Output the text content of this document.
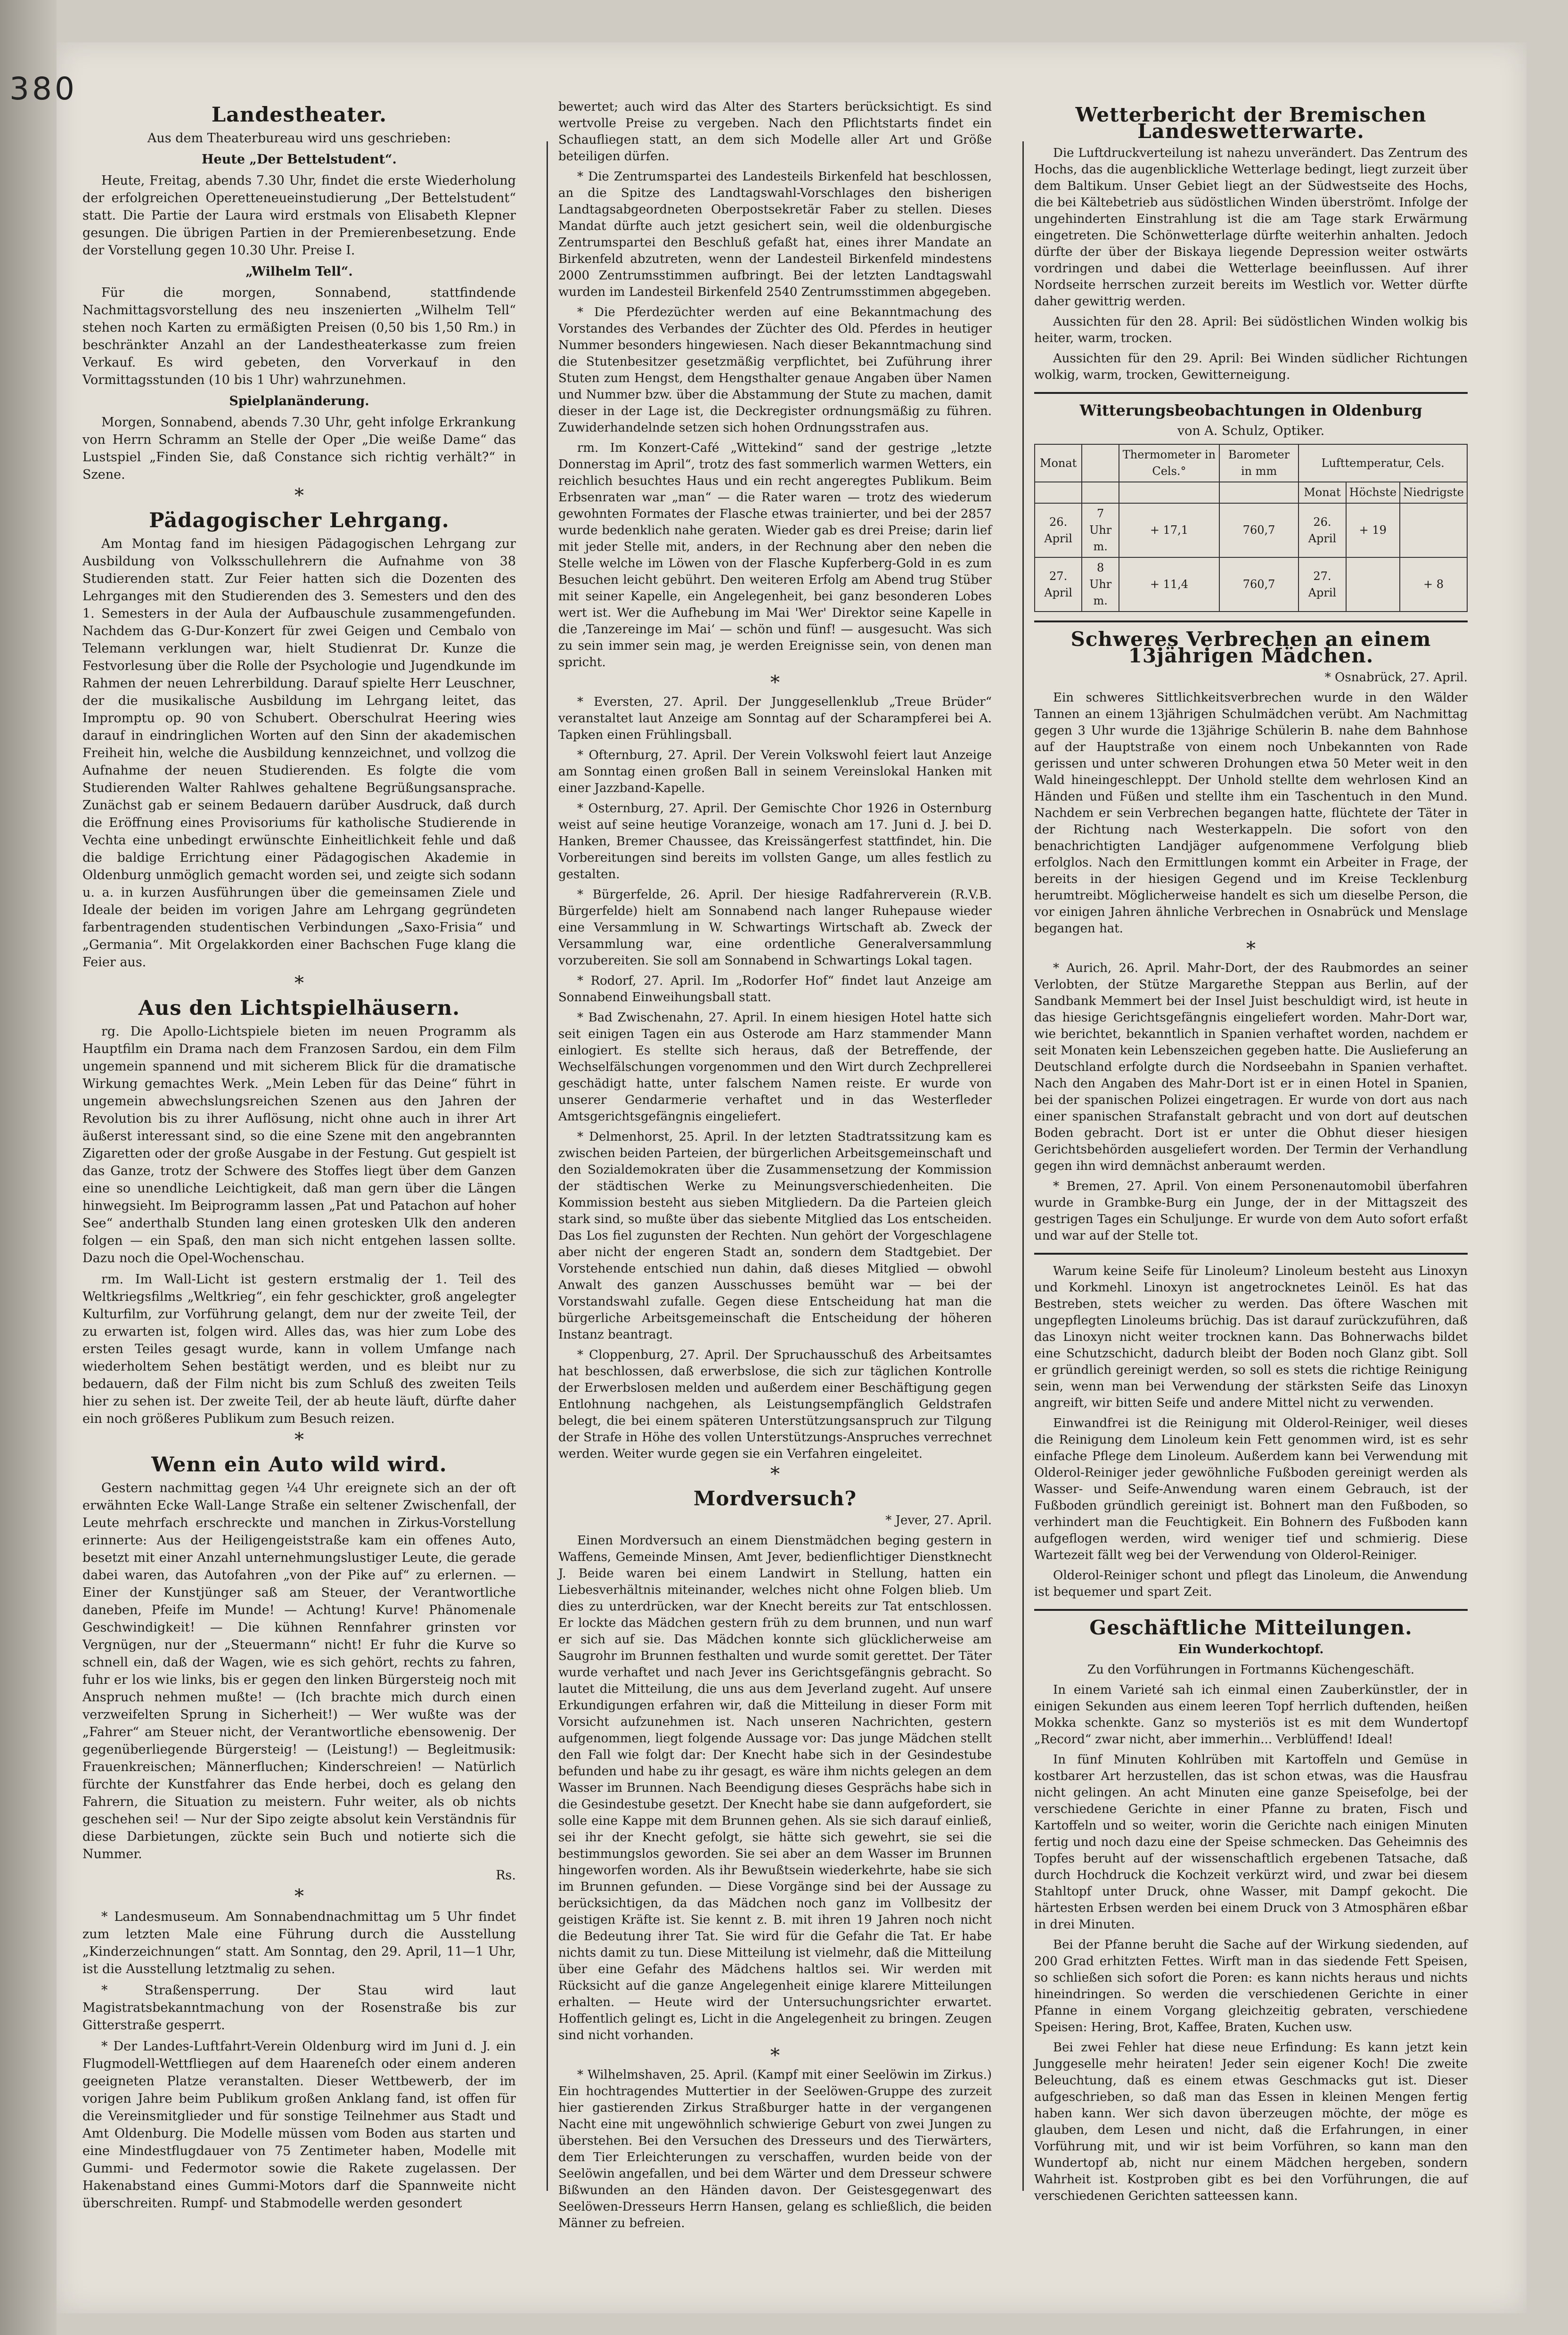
380
Landestheater.

Aus dem Theaterbureau wird uns geschrieben:

Heute „Der Bettelstudent“.

Heute, Freitag, abends 7.30 Uhr, findet die erste Wiederholung der erfolgreichen Operetteneueinstudierung „Der Bettelstudent“ statt. Die Partie der Laura wird erstmals von Elisabeth Klepner gesungen. Die übrigen Partien in der Premierenbesetzung. Ende der Vorstellung gegen 10.30 Uhr. Preise I.

„Wilhelm Tell“.

Für die morgen, Sonnabend, stattfindende Nachmittagsvorstellung des neu inszenierten „Wilhelm Tell“ stehen noch Karten zu ermäßigten Preisen (0,50 bis 1,50 Rm.) in beschränkter Anzahl an der Landestheaterkasse zum freien Verkauf. Es wird gebeten, den Vorverkauf in den Vormittagsstunden (10 bis 1 Uhr) wahrzunehmen.

Spielplanänderung.

Morgen, Sonnabend, abends 7.30 Uhr, geht infolge Erkrankung von Herrn Schramm an Stelle der Oper „Die weiße Dame“ das Lustspiel „Finden Sie, daß Constance sich richtig verhält?“ in Szene.

*
Pädagogischer Lehrgang.

Am Montag fand im hiesigen Pädagogischen Lehrgang zur Ausbildung von Volksschullehrern die Aufnahme von 38 Studierenden statt. Zur Feier hatten sich die Dozenten des Lehrganges mit den Studierenden des 3. Semesters und den des 1. Semesters in der Aula der Aufbauschule zusammengefunden. Nachdem das G-Dur-Konzert für zwei Geigen und Cembalo von Telemann verklungen war, hielt Studienrat Dr. Kunze die Festvorlesung über die Rolle der Psychologie und Jugendkunde im Rahmen der neuen Lehrerbildung. Darauf spielte Herr Leuschner, der die musikalische Ausbildung im Lehrgang leitet, das Impromptu op. 90 von Schubert. Oberschulrat Heering wies darauf in eindringlichen Worten auf den Sinn der akademischen Freiheit hin, welche die Ausbildung kennzeichnet, und vollzog die Aufnahme der neuen Studierenden. Es folgte die vom Studierenden Walter Rahlwes gehaltene Begrüßungsansprache. Zunächst gab er seinem Bedauern darüber Ausdruck, daß durch die Eröffnung eines Provisoriums für katholische Studierende in Vechta eine unbedingt erwünschte Einheitlichkeit fehle und daß die baldige Errichtung einer Pädagogischen Akademie in Oldenburg unmöglich gemacht worden sei, und zeigte sich sodann u. a. in kurzen Ausführungen über die gemeinsamen Ziele und Ideale der beiden im vorigen Jahre am Lehrgang gegründeten farbentragenden studentischen Verbindungen „Saxo-Frisia“ und „Germania“. Mit Orgelakkorden einer Bachschen Fuge klang die Feier aus.

*
Aus den Lichtspielhäusern.

rg. Die Apollo-Lichtspiele bieten im neuen Programm als Hauptfilm ein Drama nach dem Franzosen Sardou, ein dem Film ungemein spannend und mit sicherem Blick für die dramatische Wirkung gemachtes Werk. „Mein Leben für das Deine“ führt in ungemein abwechslungsreichen Szenen aus den Jahren der Revolution bis zu ihrer Auflösung, nicht ohne auch in ihrer Art äußerst interessant sind, so die eine Szene mit den angebrannten Zigaretten oder der große Ausgabe in der Festung. Gut gespielt ist das Ganze, trotz der Schwere des Stoffes liegt über dem Ganzen eine so unendliche Leichtigkeit, daß man gern über die Längen hinwegsieht. Im Beiprogramm lassen „Pat und Patachon auf hoher See“ anderthalb Stunden lang einen grotesken Ulk den anderen folgen — ein Spaß, den man sich nicht entgehen lassen sollte. Dazu noch die Opel-Wochenschau.

rm. Im Wall-Licht ist gestern erstmalig der 1. Teil des Weltkriegsfilms „Weltkrieg“, ein fehr geschickter, groß angelegter Kulturfilm, zur Vorführung gelangt, dem nur der zweite Teil, der zu erwarten ist, folgen wird. Alles das, was hier zum Lobe des ersten Teiles gesagt wurde, kann in vollem Umfange nach wiederholtem Sehen bestätigt werden, und es bleibt nur zu bedauern, daß der Film nicht bis zum Schluß des zweiten Teils hier zu sehen ist. Der zweite Teil, der ab heute läuft, dürfte daher ein noch größeres Publikum zum Besuch reizen.

*
Wenn ein Auto wild wird.

Gestern nachmittag gegen ¼4 Uhr ereignete sich an der oft erwähnten Ecke Wall-Lange Straße ein seltener Zwischenfall, der Leute mehrfach erschreckte und manchen in Zirkus-Vorstellung erinnerte: Aus der Heiligengeiststraße kam ein offenes Auto, besetzt mit einer Anzahl unternehmungslustiger Leute, die gerade dabei waren, das Autofahren „von der Pike auf“ zu erlernen. — Einer der Kunstjünger saß am Steuer, der Verantwortliche daneben, Pfeife im Munde! — Achtung! Kurve! Phänomenale Geschwindigkeit! — Die kühnen Rennfahrer grinsten vor Vergnügen, nur der „Steuermann“ nicht! Er fuhr die Kurve so schnell ein, daß der Wagen, wie es sich gehört, rechts zu fahren, fuhr er los wie links, bis er gegen den linken Bürgersteig noch mit Anspruch nehmen mußte! — (Ich brachte mich durch einen verzweifelten Sprung in Sicherheit!) — Wer wußte was der „Fahrer“ am Steuer nicht, der Verantwortliche ebensowenig. Der gegenüberliegende Bürgersteig! — (Leistung!) — Begleitmusik: Frauenkreischen; Männerfluchen; Kinderschreien! — Natürlich fürchte der Kunstfahrer das Ende herbei, doch es gelang den Fahrern, die Situation zu meistern. Fuhr weiter, als ob nichts geschehen sei! — Nur der Sipo zeigte absolut kein Verständnis für diese Darbietungen, zückte sein Buch und notierte sich die Nummer.

Rs.

*

* Landesmuseum. Am Sonnabendnachmittag um 5 Uhr findet zum letzten Male eine Führung durch die Ausstellung „Kinderzeichnungen“ statt. Am Sonntag, den 29. April, 11—1 Uhr, ist die Ausstellung letztmalig zu sehen.

* Straßensperrung. Der Stau wird laut Magistratsbekanntmachung von der Rosenstraße bis zur Gitterstraße gesperrt.

* Der Landes-Luftfahrt-Verein Oldenburg wird im Juni d. J. ein Flugmodell-Wettfliegen auf dem Haareneſch oder einem anderen geeigneten Platze veranstalten. Dieser Wettbewerb, der im vorigen Jahre beim Publikum großen Anklang fand, ist offen für die Vereinsmitglieder und für sonstige Teilnehmer aus Stadt und Amt Oldenburg. Die Modelle müssen vom Boden aus starten und eine Mindestflugdauer von 75 Zentimeter haben, Modelle mit Gummi- und Federmotor sowie die Rakete zugelassen. Der Hakenabstand eines Gummi-Motors darf die Spannweite nicht überschreiten. Rumpf- und Stabmodelle werden gesondert

bewertet; auch wird das Alter des Starters berücksichtigt. Es sind wertvolle Preise zu vergeben. Nach den Pflichtstarts findet ein Schaufliegen statt, an dem sich Modelle aller Art und Größe beteiligen dürfen.

* Die Zentrumspartei des Landesteils Birkenfeld hat beschlossen, an die Spitze des Landtagswahl-Vorschlages den bisherigen Landtagsabgeordneten Oberpostsekretär Faber zu stellen. Dieses Mandat dürfte auch jetzt gesichert sein, weil die oldenburgische Zentrumspartei den Beschluß gefaßt hat, eines ihrer Mandate an Birkenfeld abzutreten, wenn der Landesteil Birkenfeld mindestens 2000 Zentrumsstimmen aufbringt. Bei der letzten Landtagswahl wurden im Landesteil Birkenfeld 2540 Zentrumsstimmen abgegeben.

* Die Pferdezüchter werden auf eine Bekanntmachung des Vorstandes des Verbandes der Züchter des Old. Pferdes in heutiger Nummer besonders hingewiesen. Nach dieser Bekanntmachung sind die Stutenbesitzer gesetzmäßig verpflichtet, bei Zuführung ihrer Stuten zum Hengst, dem Hengsthalter genaue Angaben über Namen und Nummer bzw. über die Abstammung der Stute zu machen, damit dieser in der Lage ist, die Deckregister ordnungsmäßig zu führen. Zuwiderhandelnde setzen sich hohen Ordnungsstrafen aus.

rm. Im Konzert-Café „Wittekind“ sand der gestrige „letzte Donnerstag im April“, trotz des fast sommerlich warmen Wetters, ein reichlich besuchtes Haus und ein recht angeregtes Publikum. Beim Erbsenraten war „man“ — die Rater waren — trotz des wiederum gewohnten Formates der Flasche etwas trainierter, und bei der 2857 wurde bedenklich nahe geraten. Wieder gab es drei Preise; darin lief mit jeder Stelle mit, anders, in der Rechnung aber den neben die Stelle welche im Löwen von der Flasche Kupferberg-Gold in es zum Besuchen leicht gebührt. Den weiteren Erfolg am Abend trug Stüber mit seiner Kapelle, ein Angelegenheit, bei ganz besonderen Lobes wert ist. Wer die Aufhebung im Mai 'Wer' Direktor seine Kapelle in die ‚Tanzereinge im Mai‘ — schön und fünf! — ausgesucht. Was sich zu sein immer sein mag, je werden Ereignisse sein, von denen man spricht.

*

* Eversten, 27. April. Der Junggesellenklub „Treue Brüder“ veranstaltet laut Anzeige am Sonntag auf der Scharampferei bei A. Tapken einen Frühlingsball.

* Ofternburg, 27. April. Der Verein Volkswohl feiert laut Anzeige am Sonntag einen großen Ball in seinem Vereinslokal Hanken mit einer Jazzband-Kapelle.

* Osternburg, 27. April. Der Gemischte Chor 1926 in Osternburg weist auf seine heutige Voranzeige, wonach am 17. Juni d. J. bei D. Hanken, Bremer Chaussee, das Kreissängerfest stattfindet, hin. Die Vorbereitungen sind bereits im vollsten Gange, um alles festlich zu gestalten.

* Bürgerfelde, 26. April. Der hiesige Radfahrerverein (R.V.B. Bürgerfelde) hielt am Sonnabend nach langer Ruhepause wieder eine Versammlung in W. Schwartings Wirtschaft ab. Zweck der Versammlung war, eine ordentliche Generalversammlung vorzubereiten. Sie soll am Sonnabend in Schwartings Lokal tagen.

* Rodorf, 27. April. Im „Rodorfer Hof“ findet laut Anzeige am Sonnabend Einweihungsball statt.

* Bad Zwischenahn, 27. April. In einem hiesigen Hotel hatte sich seit einigen Tagen ein aus Osterode am Harz stammender Mann einlogiert. Es stellte sich heraus, daß der Betreffende, der Wechselfälschungen vorgenommen und den Wirt durch Zechprellerei geschädigt hatte, unter falschem Namen reiste. Er wurde von unserer Gendarmerie verhaftet und in das Westerfleder Amtsgerichtsgefängnis eingeliefert.

* Delmenhorst, 25. April. In der letzten Stadtratssitzung kam es zwischen beiden Parteien, der bürgerlichen Arbeitsgemeinschaft und den Sozialdemokraten über die Zusammensetzung der Kommission der städtischen Werke zu Meinungsverschiedenheiten. Die Kommission besteht aus sieben Mitgliedern. Da die Parteien gleich stark sind, so mußte über das siebente Mitglied das Los entscheiden. Das Los fiel zugunsten der Rechten. Nun gehört der Vorgeschlagene aber nicht der engeren Stadt an, sondern dem Stadtgebiet. Der Vorstehende entschied nun dahin, daß dieses Mitglied — obwohl Anwalt des ganzen Ausschusses bemüht war — bei der Vorstandswahl zufalle. Gegen diese Entscheidung hat man die bürgerliche Arbeitsgemeinschaft die Entscheidung der höheren Instanz beantragt.

* Cloppenburg, 27. April. Der Spruchausschuß des Arbeitsamtes hat beschlossen, daß erwerbslose, die sich zur täglichen Kontrolle der Erwerbslosen melden und außerdem einer Beschäftigung gegen Entlohnung nachgehen, als Leistungsempfänglich Geldstrafen belegt, die bei einem späteren Unterstützungsanspruch zur Tilgung der Strafe in Höhe des vollen Unterstützungs-Anspruches verrechnet werden. Weiter wurde gegen sie ein Verfahren eingeleitet.

*
Mordversuch?

* Jever, 27. April.

Einen Mordversuch an einem Dienstmädchen beging gestern in Waffens, Gemeinde Minsen, Amt Jever, bedienflichtiger Dienstknecht J. Beide waren bei einem Landwirt in Stellung, hatten ein Liebesverhältnis miteinander, welches nicht ohne Folgen blieb. Um dies zu unterdrücken, war der Knecht bereits zur Tat entschlossen. Er lockte das Mädchen gestern früh zu dem brunnen, und nun warf er sich auf sie. Das Mädchen konnte sich glücklicherweise am Saugrohr im Brunnen festhalten und wurde somit gerettet. Der Täter wurde verhaftet und nach Jever ins Gerichtsgefängnis gebracht. So lautet die Mitteilung, die uns aus dem Jeverland zugeht. Auf unsere Erkundigungen erfahren wir, daß die Mitteilung in dieser Form mit Vorsicht aufzunehmen ist. Nach unseren Nachrichten, gestern aufgenommen, liegt folgende Aussage vor: Das junge Mädchen stellt den Fall wie folgt dar: Der Knecht habe sich in der Gesindestube befunden und habe zu ihr gesagt, es wäre ihm nichts gelegen an dem Wasser im Brunnen. Nach Beendigung dieses Gesprächs habe sich in die Gesindestube gesetzt. Der Knecht habe sie dann aufgefordert, sie solle eine Kappe mit dem Brunnen gehen. Als sie sich darauf einließ, sei ihr der Knecht gefolgt, sie hätte sich gewehrt, sie sei die bestimmungslos geworden. Sie sei aber an dem Wasser im Brunnen hingeworfen worden. Als ihr Bewußtsein wiederkehrte, habe sie sich im Brunnen gefunden. — Diese Vorgänge sind bei der Aussage zu berücksichtigen, da das Mädchen noch ganz im Vollbesitz der geistigen Kräfte ist. Sie kennt z. B. mit ihren 19 Jahren noch nicht die Bedeutung ihrer Tat. Sie wird für die Gefahr die Tat. Er habe nichts damit zu tun. Diese Mitteilung ist vielmehr, daß die Mitteilung über eine Gefahr des Mädchens haltlos sei. Wir werden mit Rücksicht auf die ganze Angelegenheit einige klarere Mitteilungen erhalten. — Heute wird der Untersuchungsrichter erwartet. Hoffentlich gelingt es, Licht in die Angelegenheit zu bringen. Zeugen sind nicht vorhanden.

*

* Wilhelmshaven, 25. April. (Kampf mit einer Seelöwin im Zirkus.) Ein hochtragendes Muttertier in der Seelöwen-Gruppe des zurzeit hier gastierenden Zirkus Straßburger hatte in der vergangenen Nacht eine mit ungewöhnlich schwierige Geburt von zwei Jungen zu überstehen. Bei den Versuchen des Dresseurs und des Tierwärters, dem Tier Erleichterungen zu verschaffen, wurden beide von der Seelöwin angefallen, und bei dem Wärter und dem Dresseur schwere Bißwunden an den Händen davon. Der Geistesgegenwart des Seelöwen-Dresseurs Herrn Hansen, gelang es schließlich, die beiden Männer zu befreien.

Wetterbericht der Bremischen Landeswetterwarte.

Die Luftdruckverteilung ist nahezu unverändert. Das Zentrum des Hochs, das die augenblickliche Wetterlage bedingt, liegt zurzeit über dem Baltikum. Unser Gebiet liegt an der Südwestseite des Hochs, die bei Kältebetrieb aus südöstlichen Winden überströmt. Infolge der ungehinderten Einstrahlung ist die am Tage stark Erwärmung eingetreten. Die Schönwetterlage dürfte weiterhin anhalten. Jedoch dürfte der über der Biskaya liegende Depression weiter ostwärts vordringen und dabei die Wetterlage beeinflussen. Auf ihrer Nordseite herrschen zurzeit bereits im Westlich vor. Wetter dürfte daher gewittrig werden.

Aussichten für den 28. April: Bei südöstlichen Winden wolkig bis heiter, warm, trocken.

Aussichten für den 29. April: Bei Winden südlicher Richtungen wolkig, warm, trocken, Gewitterneigung.

Witterungsbeobachtungen in Oldenburg

von A. Schulz, Optiker.

Monat		Thermometer in Cels.°	Barometer in mm	Lufttemperatur, Cels.		
				Monat	Höchste	Niedrigste
26. April	7 Uhr m.	+ 17,1	760,7	26. April	+ 19	
27. April	8 Uhr m.	+ 11,4	760,7	27. April		+ 8
Schweres Verbrechen an einem 13jährigen Mädchen.

* Osnabrück, 27. April.

Ein schweres Sittlichkeitsverbrechen wurde in den Wälder Tannen an einem 13jährigen Schulmädchen verübt. Am Nachmittag gegen 3 Uhr wurde die 13jährige Schülerin B. nahe dem Bahnhose auf der Hauptstraße von einem noch Unbekannten von Rade gerissen und unter schweren Drohungen etwa 50 Meter weit in den Wald hineingeschleppt. Der Unhold stellte dem wehrlosen Kind an Händen und Füßen und stellte ihm ein Taschentuch in den Mund. Nachdem er sein Verbrechen begangen hatte, flüchtete der Täter in der Richtung nach Westerkappeln. Die sofort von den benachrichtigten Landjäger aufgenommene Verfolgung blieb erfolglos. Nach den Ermittlungen kommt ein Arbeiter in Frage, der bereits in der hiesigen Gegend und im Kreise Tecklenburg herumtreibt. Möglicherweise handelt es sich um dieselbe Person, die vor einigen Jahren ähnliche Verbrechen in Osnabrück und Menslage begangen hat.

*

* Aurich, 26. April. Mahr-Dort, der des Raubmordes an seiner Verlobten, der Stütze Margarethe Steppan aus Berlin, auf der Sandbank Memmert bei der Insel Juist beschuldigt wird, ist heute in das hiesige Gerichtsgefängnis eingeliefert worden. Mahr-Dort war, wie berichtet, bekanntlich in Spanien verhaftet worden, nachdem er seit Monaten kein Lebenszeichen gegeben hatte. Die Auslieferung an Deutschland erfolgte durch die Nordseebahn in Spanien verhaftet. Nach den Angaben des Mahr-Dort ist er in einen Hotel in Spanien, bei der spanischen Polizei eingetragen. Er wurde von dort aus nach einer spanischen Strafanstalt gebracht und von dort auf deutschen Boden gebracht. Dort ist er unter die Obhut dieser hiesigen Gerichtsbehörden ausgeliefert worden. Der Termin der Verhandlung gegen ihn wird demnächst anberaumt werden.

* Bremen, 27. April. Von einem Personenautomobil überfahren wurde in Grambke-Burg ein Junge, der in der Mittagszeit des gestrigen Tages ein Schuljunge. Er wurde von dem Auto sofort erfaßt und war auf der Stelle tot.

Warum keine Seife für Linoleum? Linoleum besteht aus Linoxyn und Korkmehl. Linoxyn ist angetrocknetes Leinöl. Es hat das Bestreben, stets weicher zu werden. Das öftere Waschen mit ungepflegten Linoleums brüchig. Das ist darauf zurückzuführen, daß das Linoxyn nicht weiter trocknen kann. Das Bohnerwachs bildet eine Schutzschicht, dadurch bleibt der Boden noch Glanz gibt. Soll er gründlich gereinigt werden, so soll es stets die richtige Reinigung sein, wenn man bei Verwendung der stärksten Seife das Linoxyn angreift, wir bitten Seife und andere Mittel nicht zu verwenden.

Einwandfrei ist die Reinigung mit Olderol-Reiniger, weil dieses die Reinigung dem Linoleum kein Fett genommen wird, ist es sehr einfache Pflege dem Linoleum. Außerdem kann bei Verwendung mit Olderol-Reiniger jeder gewöhnliche Fußboden gereinigt werden als Wasser- und Seife-Anwendung waren einem Gebrauch, ist der Fußboden gründlich gereinigt ist. Bohnert man den Fußboden, so verhindert man die Feuchtigkeit. Ein Bohnern des Fußboden kann aufgeflogen werden, wird weniger tief und schmierig. Diese Wartezeit fällt weg bei der Verwendung von Olderol-Reiniger.

Olderol-Reiniger schont und pflegt das Linoleum, die Anwendung ist bequemer und spart Zeit.

Geschäftliche Mitteilungen.

Ein Wunderkochtopf.

Zu den Vorführungen in Fortmanns Küchengeschäft.

In einem Varieté sah ich einmal einen Zauberkünstler, der in einigen Sekunden aus einem leeren Topf herrlich duftenden, heißen Mokka schenkte. Ganz so mysteriös ist es mit dem Wundertopf „Record“ zwar nicht, aber immerhin... Verblüffend! Ideal!

In fünf Minuten Kohlrüben mit Kartoffeln und Gemüse in kostbarer Art herzustellen, das ist schon etwas, was die Hausfrau nicht gelingen. An acht Minuten eine ganze Speisefolge, bei der verschiedene Gerichte in einer Pfanne zu braten, Fisch und Kartoffeln und so weiter, worin die Gerichte nach einigen Minuten fertig und noch dazu eine der Speise schmecken. Das Geheimnis des Topfes beruht auf der wissenschaftlich ergebenen Tatsache, daß durch Hochdruck die Kochzeit verkürzt wird, und zwar bei diesem Stahltopf unter Druck, ohne Wasser, mit Dampf gekocht. Die härtesten Erbsen werden bei einem Druck von 3 Atmosphären eßbar in drei Minuten.

Bei der Pfanne beruht die Sache auf der Wirkung siedenden, auf 200 Grad erhitzten Fettes. Wirft man in das siedende Fett Speisen, so schließen sich sofort die Poren: es kann nichts heraus und nichts hineindringen. So werden die verschiedenen Gerichte in einer Pfanne in einem Vorgang gleichzeitig gebraten, verschiedene Speisen: Hering, Brot, Kaffee, Braten, Kuchen usw.

Bei zwei Fehler hat diese neue Erfindung: Es kann jetzt kein Junggeselle mehr heiraten! Jeder sein eigener Koch! Die zweite Beleuchtung, daß es einem etwas Geschmacks gut ist. Dieser aufgeschrieben, so daß man das Essen in kleinen Mengen fertig haben kann. Wer sich davon überzeugen möchte, der möge es glauben, dem Lesen und nicht, daß die Erfahrungen, in einer Vorführung mit, und wir ist beim Vorführen, so kann man den Wundertopf ab, nicht nur einem Mädchen hergeben, sondern Wahrheit ist. Kostproben gibt es bei den Vorführungen, die auf verschiedenen Gerichten satteessen kann.
